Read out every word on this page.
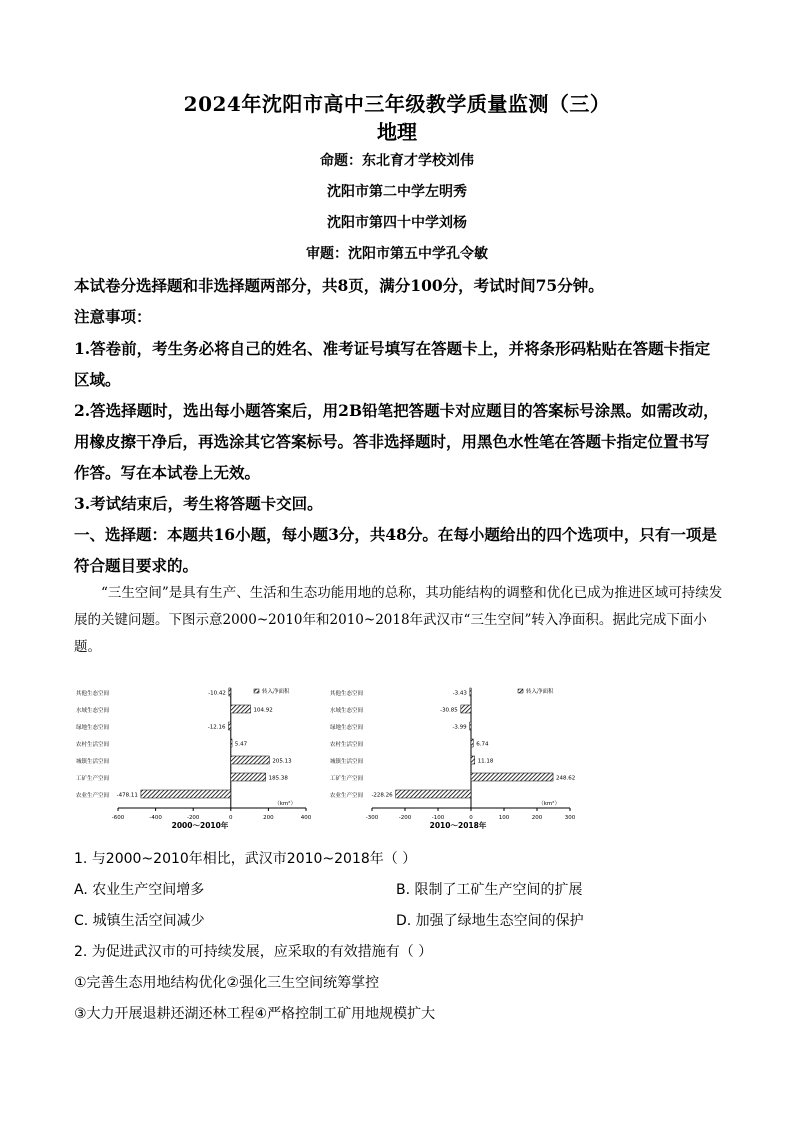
2024年沈阳市高中三年级教学质量监测（三）
地理
命题：东北育才学校刘伟
沈阳市第二中学左明秀
沈阳市第四十中学刘杨
审题：沈阳市第五中学孔令敏
本试卷分选择题和非选择题两部分，共8页，满分100分，考试时间75分钟。
注意事项：
1.答卷前，考生务必将自己的姓名、准考证号填写在答题卡上，并将条形码粘贴在答题卡指定区域。
2.答选择题时，选出每小题答案后，用2B铅笔把答题卡对应题目的答案标号涂黑。如需改动，用橡皮擦干净后，再选涂其它答案标号。答非选择题时，用黑色水性笔在答题卡指定位置书写作答。写在本试卷上无效。
3.考试结束后，考生将答题卡交回。
一、选择题：本题共16小题，每小题3分，共48分。在每小题给出的四个选项中，只有一项是符合题目要求的。
“三生空间”是具有生产、生活和生态功能用地的总称，其功能结构的调整和优化已成为推进区域可持续发展的关键问题。下图示意2000~2010年和2010~2018年武汉市“三生空间”转入净面积。据此完成下面小题。
-600	-400	-200	0	200	400
（km²）
转入净面积
其他生态空间	-10.42
水域生态空间	104.92
绿地生态空间	-12.16
农村生活空间	5.47
城镇生活空间	205.13
工矿生产空间	185.38
农业生产空间 -478.11
2000～2010年
-300	-200	-100	0	100	200	300
（km²）
转入净面积
其他生态空间	-3.43
水域生态空间	-30.85
绿地生态空间	-3.99
农村生活空间	6.74
城镇生活空间	11.18
工矿生产空间	248.62
农业生产空间 -228.26
2010～2018年
1. 与2000~2010年相比，武汉市2010~2018年（ ）
A. 农业生产空间增多	B. 限制了工矿生产空间的扩展
C. 城镇生活空间减少	D. 加强了绿地生态空间的保护
2. 为促进武汉市的可持续发展，应采取的有效措施有（ ）
①完善生态用地结构优化②强化三生空间统筹掌控
③大力开展退耕还湖还林工程④严格控制工矿用地规模扩大
